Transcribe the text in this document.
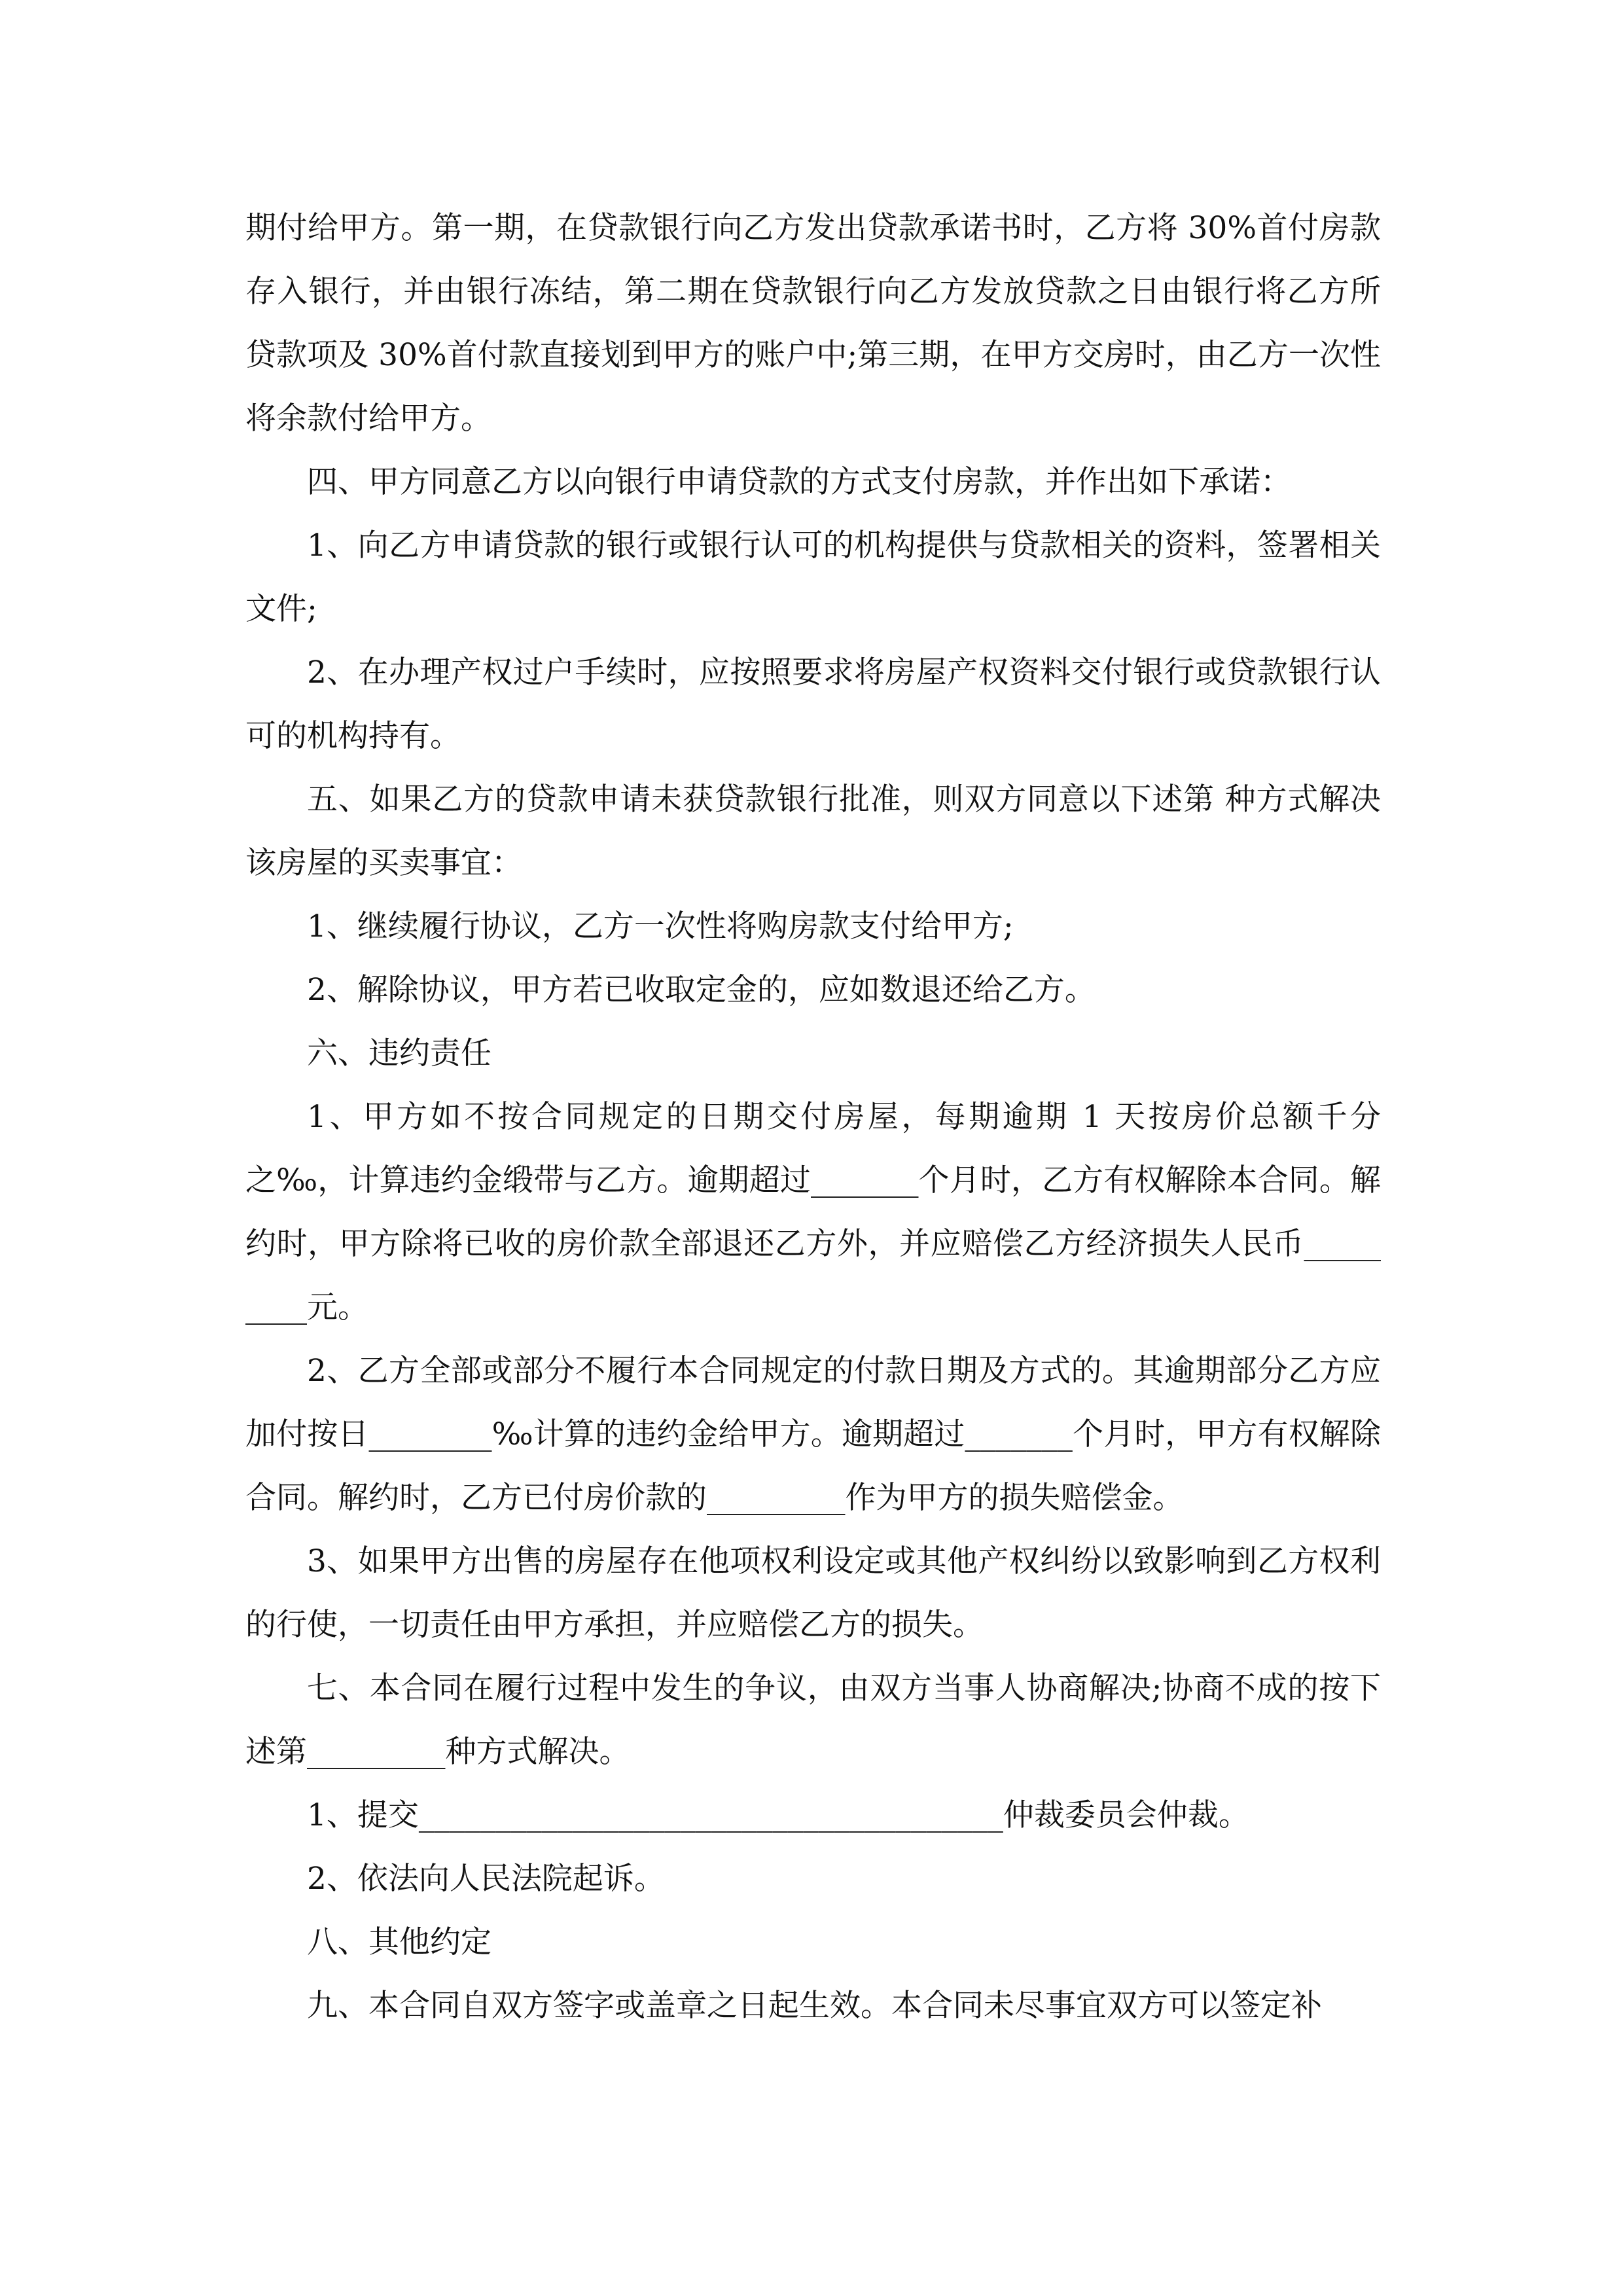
期付给甲方。第一期，在贷款银行向乙方发出贷款承诺书时，乙方将 30%首付房款存入银行，并由银行冻结，第二期在贷款银行向乙方发放贷款之日由银行将乙方所贷款项及 30%首付款直接划到甲方的账户中;第三期，在甲方交房时，由乙方一次性将余款付给甲方。

四、甲方同意乙方以向银行申请贷款的方式支付房款，并作出如下承诺：

1、向乙方申请贷款的银行或银行认可的机构提供与贷款相关的资料，签署相关文件;

2、在办理产权过户手续时，应按照要求将房屋产权资料交付银行或贷款银行认可的机构持有。

五、如果乙方的贷款申请未获贷款银行批准，则双方同意以下述第 种方式解决该房屋的买卖事宜：

1、继续履行协议，乙方一次性将购房款支付给甲方;

2、解除协议，甲方若已收取定金的，应如数退还给乙方。

六、违约责任

1、甲方如不按合同规定的日期交付房屋，每期逾期 1 天按房价总额千分之‰，计算违约金缎带与乙方。逾期超过_______个月时，乙方有权解除本合同。解约时，甲方除将已收的房价款全部退还乙方外，并应赔偿乙方经济损失人民币_________元。

2、乙方全部或部分不履行本合同规定的付款日期及方式的。其逾期部分乙方应加付按日________‰计算的违约金给甲方。逾期超过_______个月时，甲方有权解除合同。解约时，乙方已付房价款的_________作为甲方的损失赔偿金。

3、如果甲方出售的房屋存在他项权利设定或其他产权纠纷以致影响到乙方权利的行使，一切责任由甲方承担，并应赔偿乙方的损失。

七、本合同在履行过程中发生的争议，由双方当事人协商解决;协商不成的按下述第_________种方式解决。

1、提交______________________________________仲裁委员会仲裁。

2、依法向人民法院起诉。

八、其他约定

九、本合同自双方签字或盖章之日起生效。本合同未尽事宜双方可以签定补
